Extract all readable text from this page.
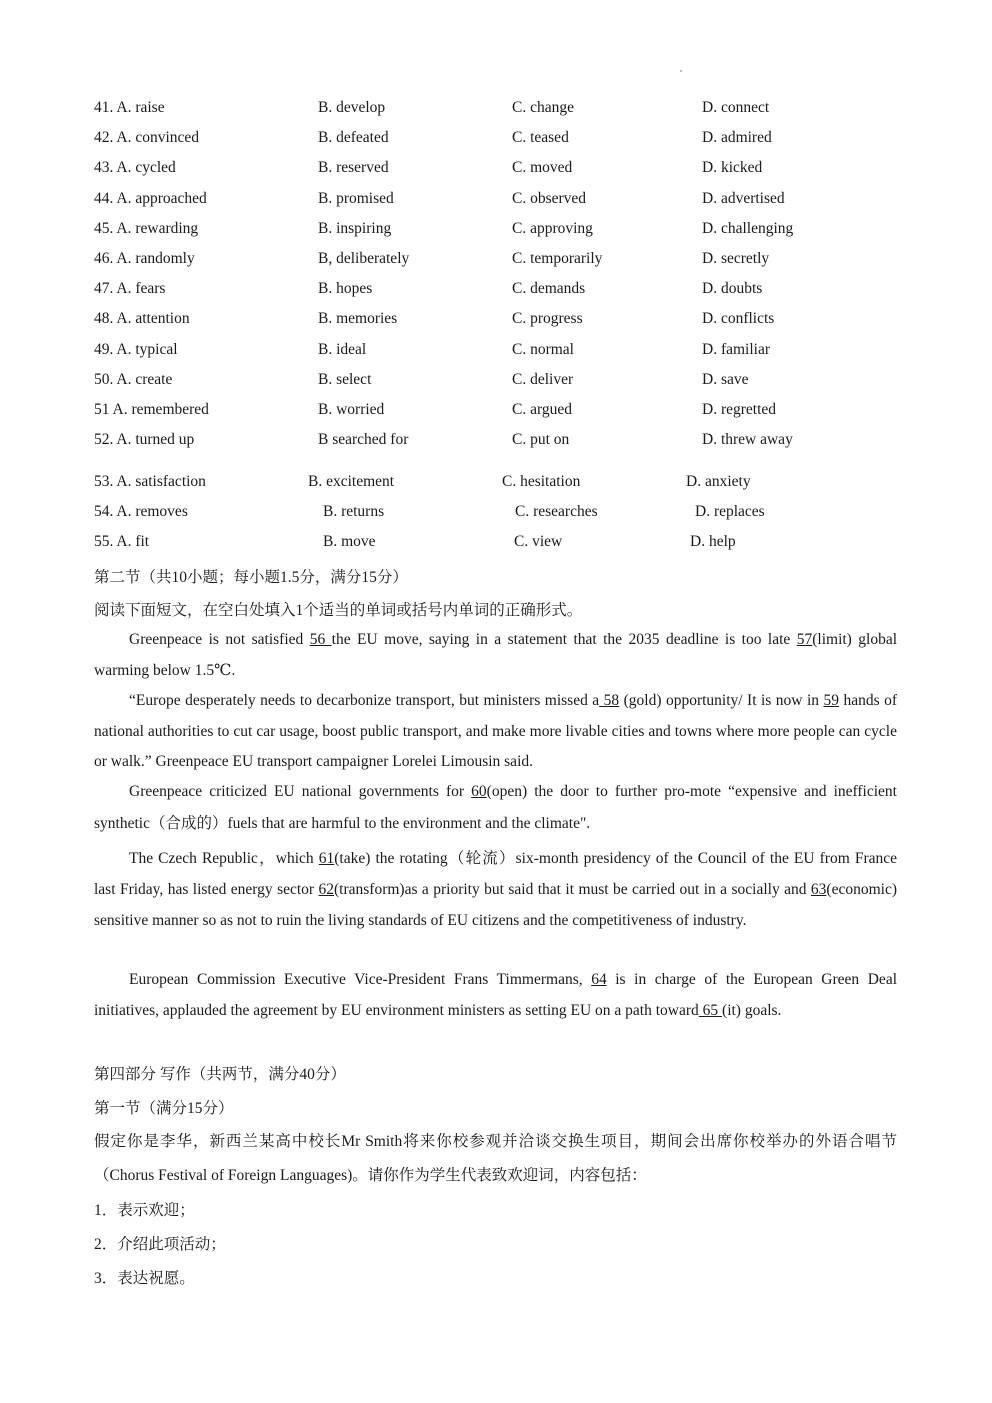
41. A. raise	B. develop	C. change	D. connect
42. A. convinced	B. defeated	C. teased	D. admired
43. A. cycled	B. reserved	C. moved	D. kicked
44. A. approached	B. promised	C. observed	D. advertised
45. A. rewarding	B. inspiring	C. approving	D. challenging
46. A. randomly	B, deliberately	C. temporarily	D. secretly
47. A. fears	B. hopes	C. demands	D. doubts
48. A. attention	B. memories	C. progress	D. conflicts
49. A. typical	B. ideal	C. normal	D. familiar
50. A. create	B. select	C. deliver	D. save
51 A. remembered	B. worried	C. argued	D. regretted
52. A. turned up	B searched for	C. put on	D. threw away
53. A. satisfaction	B. excitement	C. hesitation	D. anxiety
54. A. removes	B. returns	C. researches	D. replaces
55. A. fit	B. move	C. view	D. help
第二节（共10小题；每小题1.5分，满分15分）
阅读下面短文，在空白处填入1个适当的单词或括号内单词的正确形式。
Greenpeace is not satisfied 56 the EU move, saying in a statement that the 2035 deadline is too late 57(limit) global warming below 1.5℃.
“Europe desperately needs to decarbonize transport, but ministers missed a 58 (gold) opportunity/ It is now in 59 hands of national authorities to cut car usage, boost public transport, and make more livable cities and towns where more people can cycle or walk.” Greenpeace EU transport campaigner Lorelei Limousin said.
Greenpeace criticized EU national governments for 60(open) the door to further pro-mote “expensive and inefficient synthetic（合成的）fuels that are harmful to the environment and the climate".
The Czech Republic，which 61(take) the rotating（轮流）six-month presidency of the Council of the EU from France last Friday, has listed energy sector 62(transform)as a priority but said that it must be carried out in a socially and 63(economic) sensitive manner so as not to ruin the living standards of EU citizens and the competitiveness of industry.
European Commission Executive Vice-President Frans Timmermans, 64 is in charge of the European Green Deal initiatives, applauded the agreement by EU environment ministers as setting EU on a path toward 65 (it) goals.
第四部分 写作（共两节，满分40分）
第一节（满分15分）
假定你是李华，新西兰某高中校长Mr Smith将来你校参观并洽谈交换生项目，期间会出席你校举办的外语合唱节（Chorus Festival of Foreign Languages)。请你作为学生代表致欢迎词，内容包括：
1．表示欢迎；
2．介绍此项活动；
3．表达祝愿。
